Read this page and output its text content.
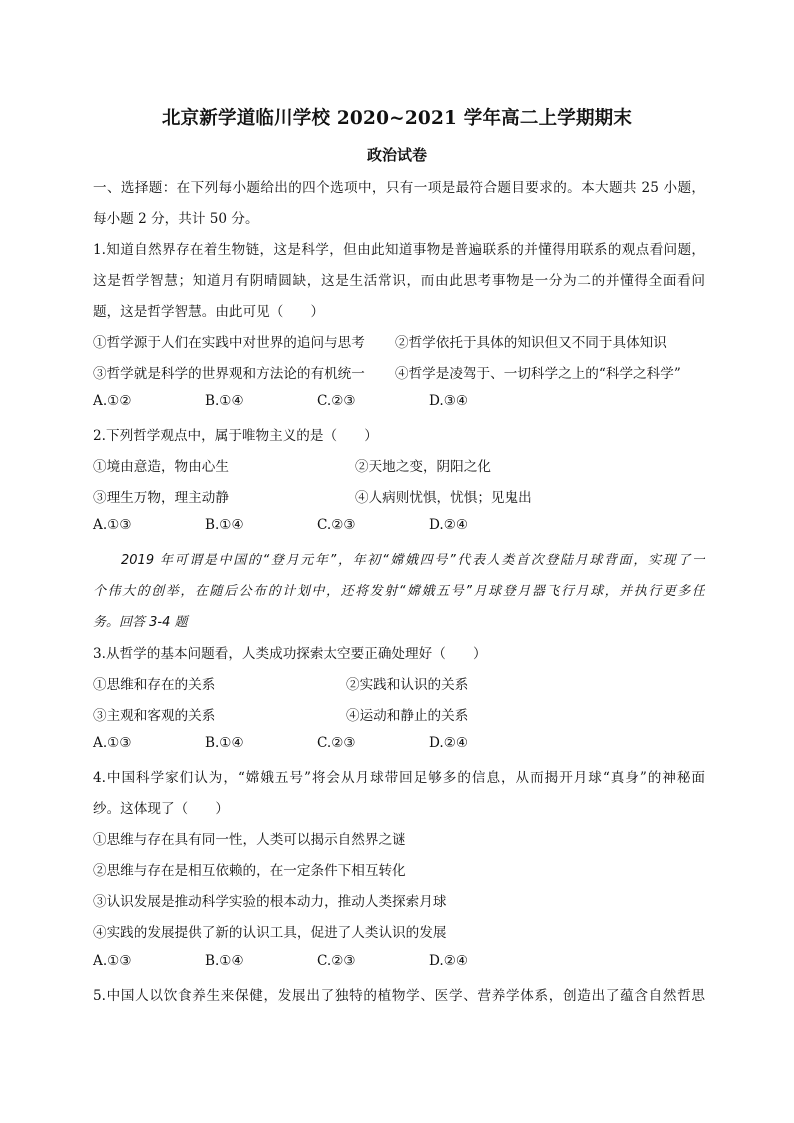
北京新学道临川学校 2020~2021 学年高二上学期期末
政治试卷
一、选择题：在下列每小题给出的四个选项中，只有一项是最符合题目要求的。本大题共 25 小题，
每小题 2 分，共计 50 分。
1.知道自然界存在着生物链，这是科学，但由此知道事物是普遍联系的并懂得用联系的观点看问题，
这是哲学智慧；知道月有阴晴圆缺，这是生活常识，而由此思考事物是一分为二的并懂得全面看问
题，这是哲学智慧。由此可见（　　）
①哲学源于人们在实践中对世界的追问与思考 ②哲学依托于具体的知识但又不同于具体知识
③哲学就是科学的世界观和方法论的有机统一 ④哲学是凌驾于、一切科学之上的“科学之科学”
A.①②	B.①④	C.②③	D.③④
2.下列哲学观点中，属于唯物主义的是（　　）
①境由意造，物由心生	②天地之变，阴阳之化
③理生万物，理主动静	④人病则忧惧，忧惧；见鬼出
A.①③	B.①④	C.②③	D.②④
2019 年可谓是中国的“登月元年”，年初“嫦娥四号”代表人类首次登陆月球背面，实现了一
个伟大的创举，在随后公布的计划中，还将发射“嫦娥五号”月球登月器飞行月球，并执行更多任
务。回答 3-4 题
3.从哲学的基本问题看，人类成功探索太空要正确处理好（　　）
①思维和存在的关系	②实践和认识的关系
③主观和客观的关系	④运动和静止的关系
A.①③	B.①④	C.②③	D.②④
4.中国科学家们认为，“嫦娥五号”将会从月球带回足够多的信息，从而揭开月球“真身”的神秘面
纱。这体现了（　　）
①思维与存在具有同一性，人类可以揭示自然界之谜
②思维与存在是相互依赖的，在一定条件下相互转化
③认识发展是推动科学实验的根本动力，推动人类探索月球
④实践的发展提供了新的认识工具，促进了人类认识的发展
A.①③	B.①④	C.②③	D.②④
5.中国人以饮食养生来保健，发展出了独特的植物学、医学、营养学体系，创造出了蕴含自然哲思
